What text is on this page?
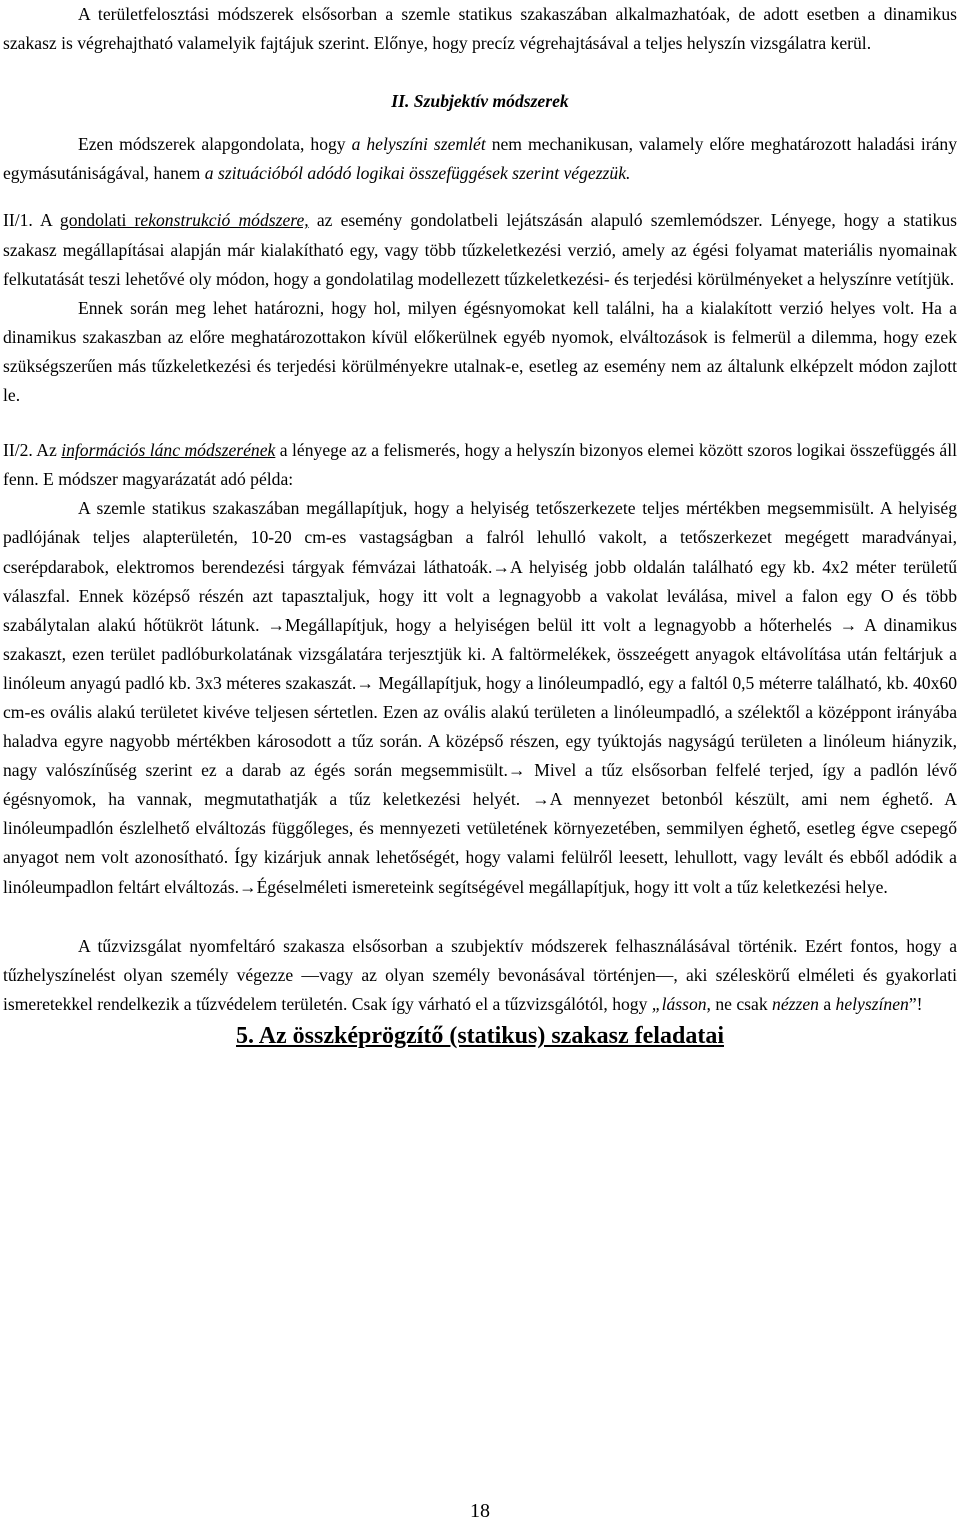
A területfelosztási módszerek elsősorban a szemle statikus szakaszában alkalmazhatóak, de adott esetben a dinamikus szakasz is végrehajtható valamelyik fajtájuk szerint. Előnye, hogy precíz végrehajtásával a teljes helyszín vizsgálatra kerül.

II. Szubjektív módszerek

Ezen módszerek alapgondolata, hogy a helyszíni szemlét nem mechanikusan, valamely előre meghatározott haladási irány egymásutániságával, hanem a szituációból adódó logikai összefüggések szerint végezzük.

II/1. A gondolati rekonstrukció módszere, az esemény gondolatbeli lejátszásán alapuló szemlemódszer. Lényege, hogy a statikus szakasz megállapításai alapján már kialakítható egy, vagy több tűzkeletkezési verzió, amely az égési folyamat materiális nyomainak felkutatását teszi lehetővé oly módon, hogy a gondolatilag modellezett tűzkeletkezési- és terjedési körülményeket a helyszínre vetítjük.

Ennek során meg lehet határozni, hogy hol, milyen égésnyomokat kell találni, ha a kialakított verzió helyes volt. Ha a dinamikus szakaszban az előre meghatározottakon kívül előkerülnek egyéb nyomok, elváltozások is felmerül a dilemma, hogy ezek szükségszerűen más tűzkeletkezési és terjedési körülményekre utalnak-e, esetleg az esemény nem az általunk elképzelt módon zajlott le.

II/2. Az információs lánc módszerének a lényege az a felismerés, hogy a helyszín bizonyos elemei között szoros logikai összefüggés áll fenn. E módszer magyarázatát adó példa:

A szemle statikus szakaszában megállapítjuk, hogy a helyiség tetőszerkezete teljes mértékben megsemmisült. A helyiség padlójának teljes alapterületén, 10-20 cm-es vastagságban a falról lehulló vakolt, a tetőszerkezet megégett maradványai, cserépdarabok, elektromos berendezési tárgyak fémvázai láthatoák.→A helyiség jobb oldalán található egy kb. 4x2 méter területű válaszfal. Ennek középső részén azt tapasztaljuk, hogy itt volt a legnagyobb a vakolat leválása, mivel a falon egy O és több szabálytalan alakú hőtükröt látunk. →Megállapítjuk, hogy a helyiségen belül itt volt a legnagyobb a hőterhelés → A dinamikus szakaszt, ezen terület padlóburkolatának vizsgálatára terjesztjük ki. A faltörmelékek, összeégett anyagok eltávolítása után feltárjuk a linóleum anyagú padló kb. 3x3 méteres szakaszát.→ Megállapítjuk, hogy a linóleumpadló, egy a faltól 0,5 méterre található, kb. 40x60 cm-es ovális alakú területet kivéve teljesen sértetlen. Ezen az ovális alakú területen a linóleumpadló, a szélektől a középpont irányába haladva egyre nagyobb mértékben károsodott a tűz során. A középső részen, egy tyúktojás nagyságú területen a linóleum hiányzik, nagy valószínűség szerint ez a darab az égés során megsemmisült.→ Mivel a tűz elsősorban felfelé terjed, így a padlón lévő égésnyomok, ha vannak, megmutathatják a tűz keletkezési helyét. →A mennyezet betonból készült, ami nem éghető. A linóleumpadlón észlelhető elváltozás függőleges, és mennyezeti vetületének környezetében, semmilyen éghető, esetleg égve csepegő anyagot nem volt azonosítható. Így kizárjuk annak lehetőségét, hogy valami felülről leesett, lehullott, vagy levált és ebből adódik a linóleumpadlon feltárt elváltozás.→Égéselméleti ismereteink segítségével megállapítjuk, hogy itt volt a tűz keletkezési helye.

A tűzvizsgálat nyomfeltáró szakasza elsősorban a szubjektív módszerek felhasználásával történik. Ezért fontos, hogy a tűzhelyszínelést olyan személy végezze ―vagy az olyan személy bevonásával történjen―, aki széleskörű elméleti és gyakorlati ismeretekkel rendelkezik a tűzvédelem területén. Csak így várható el a tűzvizsgálótól, hogy „lásson, ne csak nézzen a helyszínen”!

5. Az összképrögzítő (statikus) szakasz feladatai

18
